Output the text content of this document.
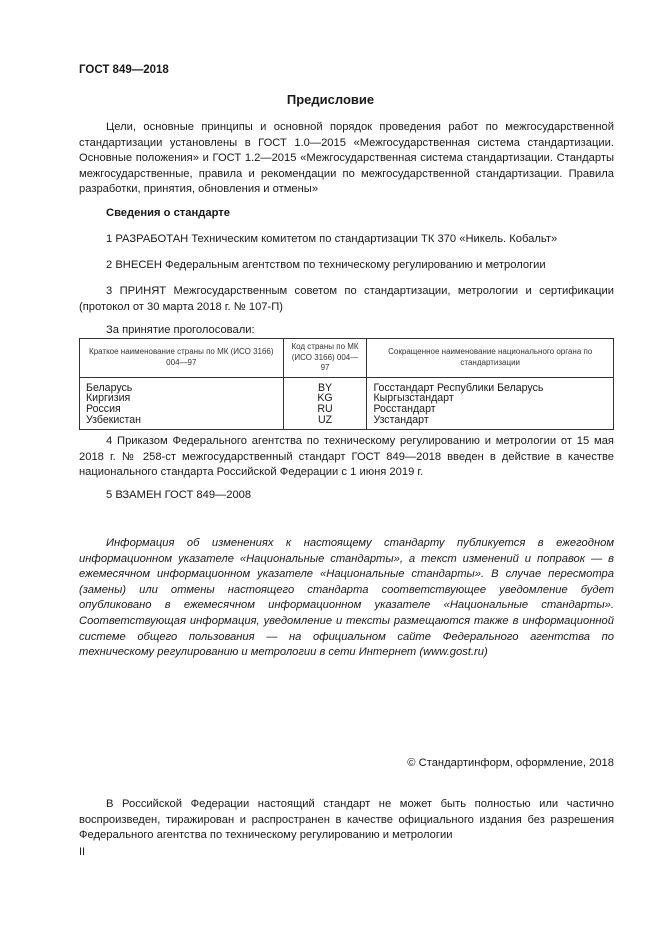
ГОСТ 849—2018
Предисловие
Цели, основные принципы и основной порядок проведения работ по межгосударственной стандартизации установлены в ГОСТ 1.0—2015 «Межгосударственная система стандартизации. Основные положения» и ГОСТ 1.2—2015 «Межгосударственная система стандартизации. Стандарты межгосударственные, правила и рекомендации по межгосударственной стандартизации. Правила разработки, принятия, обновления и отмены»
Сведения о стандарте
1 РАЗРАБОТАН Техническим комитетом по стандартизации ТК 370 «Никель. Кобальт»
2 ВНЕСЕН Федеральным агентством по техническому регулированию и метрологии
3 ПРИНЯТ Межгосударственным советом по стандартизации, метрологии и сертификации (протокол от 30 марта 2018 г. № 107-П)
За принятие проголосовали:
Краткое наименование страны по МК (ИСО 3166) 004—97	Код страны по МК (ИСО 3166) 004—97	Сокращенное наименование национального органа по стандартизации
Беларусь	BY	Госстандарт Республики Беларусь
Киргизия	KG	Кыргызстандарт
Россия	RU	Росстандарт
Узбекистан	UZ	Узстандарт
4 Приказом Федерального агентства по техническому регулированию и метрологии от 15 мая 2018 г. № 258-ст межгосударственный стандарт ГОСТ 849—2018 введен в действие в качестве национального стандарта Российской Федерации с 1 июня 2019 г.
5 ВЗАМЕН ГОСТ 849—2008
Информация об изменениях к настоящему стандарту публикуется в ежегодном информационном указателе «Национальные стандарты», а текст изменений и поправок — в ежемесячном информационном указателе «Национальные стандарты». В случае пересмотра (замены) или отмены настоящего стандарта соответствующее уведомление будет опубликовано в ежемесячном информационном указателе «Национальные стандарты». Соответствующая информация, уведомление и тексты размещаются также в информационной системе общего пользования — на официальном сайте Федерального агентства по техническому регулированию и метрологии в сети Интернет (www.gost.ru)
© Стандартинформ, оформление, 2018
В Российской Федерации настоящий стандарт не может быть полностью или частично воспроизведен, тиражирован и распространен в качестве официального издания без разрешения Федерального агентства по техническому регулированию и метрологии
II
